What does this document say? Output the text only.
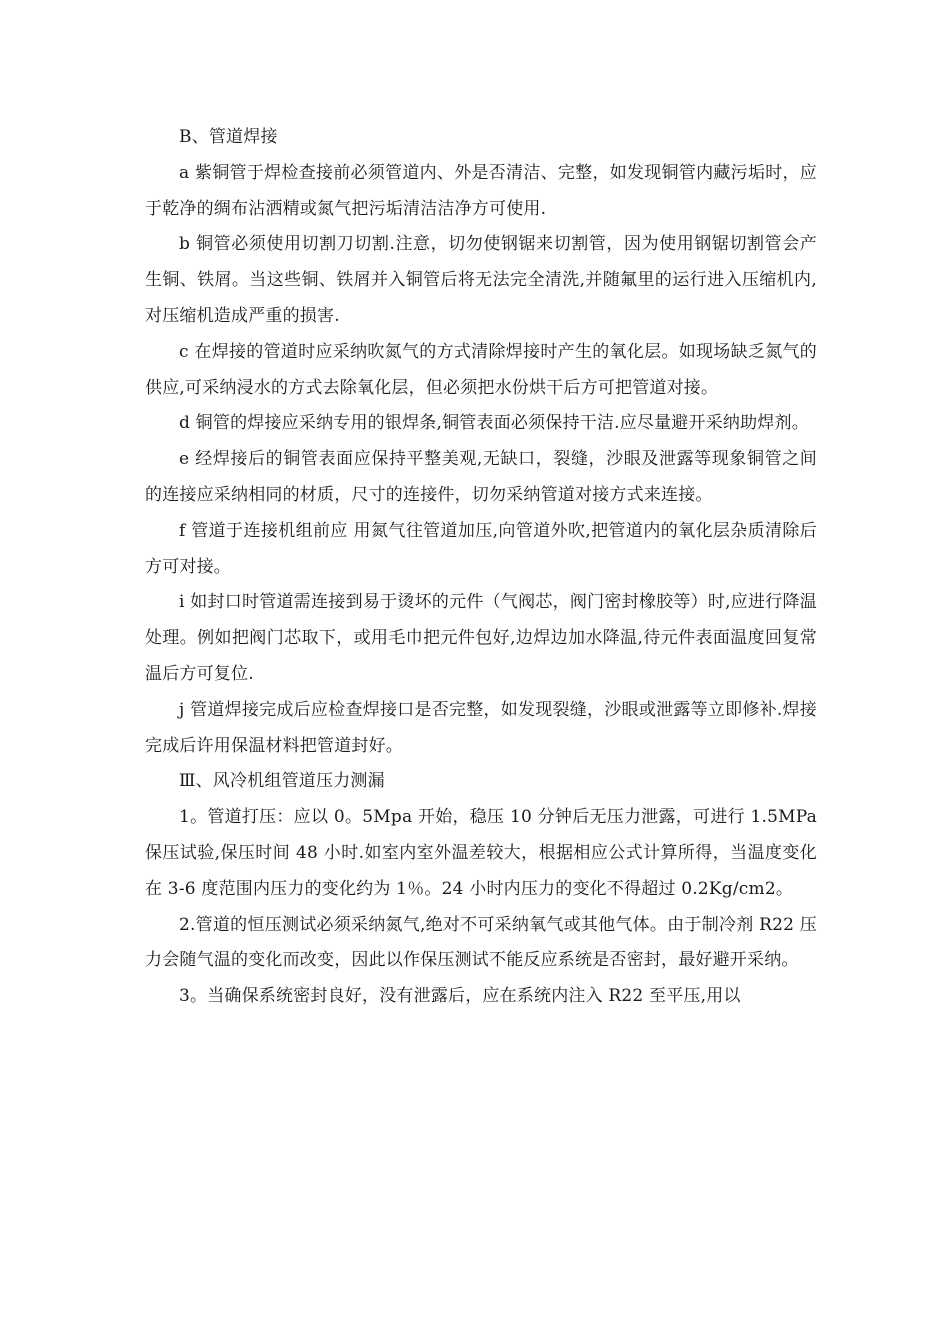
B、管道焊接

a 紫铜管于焊检查接前必须管道内、外是否清洁、完整，如发现铜管内藏污垢时，应于乾净的绸布沾洒精或氮气把污垢清洁洁净方可使用.

b 铜管必须使用切割刀切割.注意，切勿使钢锯来切割管，因为使用钢锯切割管会产生铜、铁屑。当这些铜、铁屑并入铜管后将无法完全清洗,并随氟里的运行进入压缩机内,对压缩机造成严重的损害.

c 在焊接的管道时应采纳吹氮气的方式清除焊接时产生的氧化层。如现场缺乏氮气的供应,可采纳浸水的方式去除氧化层，但必须把水份烘干后方可把管道对接。

d 铜管的焊接应采纳专用的银焊条,铜管表面必须保持干洁.应尽量避开采纳助焊剂。

e 经焊接后的铜管表面应保持平整美观,无缺口，裂缝，沙眼及泄露等现象铜管之间的连接应采纳相同的材质，尺寸的连接件，切勿采纳管道对接方式来连接。

f 管道于连接机组前应 用氮气往管道加压,向管道外吹,把管道内的氧化层杂质清除后方可对接。

i 如封口时管道需连接到易于烫坏的元件（气阀芯，阀门密封橡胶等）时,应进行降温处理。例如把阀门芯取下，或用毛巾把元件包好,边焊边加水降温,待元件表面温度回复常温后方可复位.

j 管道焊接完成后应检查焊接口是否完整，如发现裂缝，沙眼或泄露等立即修补.焊接完成后许用保温材料把管道封好。

Ⅲ、风冷机组管道压力测漏

1。管道打压：应以 0。5Mpa 开始，稳压 10 分钟后无压力泄露，可进行 1.5MPa 保压试验,保压时间 48 小时.如室内室外温差较大，根据相应公式计算所得，当温度变化在 3-6 度范围内压力的变化约为 1％。24 小时内压力的变化不得超过 0.2Kg/cm2。

2.管道的恒压测试必须采纳氮气,绝对不可采纳氧气或其他气体。由于制冷剂 R22 压力会随气温的变化而改变，因此以作保压测试不能反应系统是否密封，最好避开采纳。

3。当确保系统密封良好，没有泄露后，应在系统内注入 R22 至平压,用以
